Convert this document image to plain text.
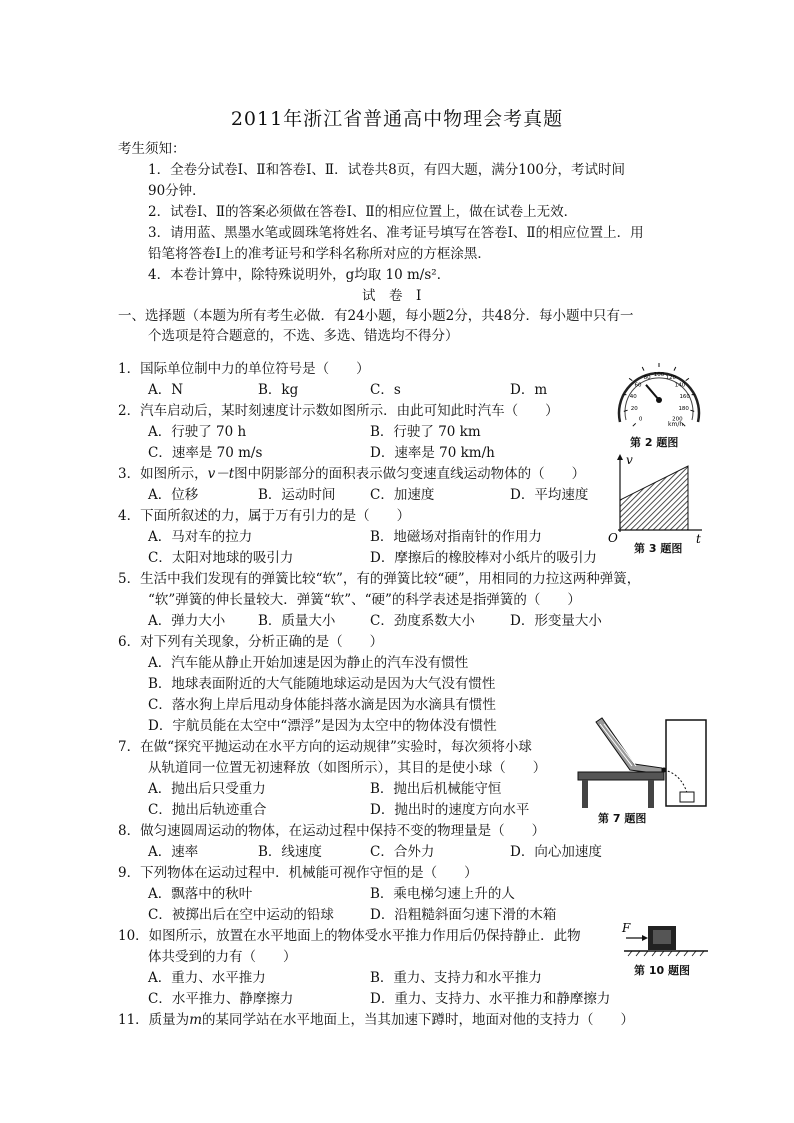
2011年浙江省普通高中物理会考真题
考生须知：
1．全卷分试卷Ⅰ、Ⅱ和答卷Ⅰ、Ⅱ．试卷共8页，有四大题，满分100分，考试时间
90分钟．
2．试卷Ⅰ、Ⅱ的答案必须做在答卷Ⅰ、Ⅱ的相应位置上，做在试卷上无效．
3．请用蓝、黑墨水笔或圆珠笔将姓名、准考证号填写在答卷Ⅰ、Ⅱ的相应位置上．用
铅笔将答卷Ⅰ上的准考证号和学科名称所对应的方框涂黑．
4．本卷计算中，除特殊说明外，g均取 10 m/s²．
试　卷　Ⅰ
一、选择题（本题为所有考生必做．有24小题，每小题2分，共48分．每小题中只有一
个选项是符合题意的，不选、多选、错选均不得分）
1．国际单位制中力的单位符号是（　　）
A．N	B．kg	C．s	D．m
2．汽车启动后，某时刻速度计示数如图所示．由此可知此时汽车（　　）
A．行驶了 70 h	B．行驶了 70 km
C．速率是 70 m/s	D．速率是 70 km/h
3．如图所示，v－t图中阴影部分的面积表示做匀变速直线运动物体的（　　）
A．位移	B．运动时间	C．加速度	D．平均速度
4．下面所叙述的力，属于万有引力的是（　　）
A．马对车的拉力	B．地磁场对指南针的作用力
C．太阳对地球的吸引力	D．摩擦后的橡胶棒对小纸片的吸引力
5．生活中我们发现有的弹簧比较“软”，有的弹簧比较“硬”，用相同的力拉这两种弹簧，
“软”弹簧的伸长量较大．弹簧“软”、“硬”的科学表述是指弹簧的（　　）
A．弹力大小 B．质量大小	C．劲度系数大小	D．形变量大小
6．对下列有关现象，分析正确的是（　　）
A．汽车能从静止开始加速是因为静止的汽车没有惯性
B．地球表面附近的大气能随地球运动是因为大气没有惯性
C．落水狗上岸后甩动身体能抖落水滴是因为水滴具有惯性
D．宇航员能在太空中“漂浮”是因为太空中的物体没有惯性
7．在做“探究平抛运动在水平方向的运动规律”实验时，每次须将小球
从轨道同一位置无初速释放（如图所示），其目的是使小球（　　）
A．抛出后只受重力	B．抛出后机械能守恒
C．抛出后轨迹重合	D．抛出时的速度方向水平
8．做匀速圆周运动的物体，在运动过程中保持不变的物理量是（　　）
A．速率	B．线速度	C．合外力	D．向心加速度
9．下列物体在运动过程中．机械能可视作守恒的是（　　）
A．飘落中的秋叶	B．乘电梯匀速上升的人
C．被掷出后在空中运动的铅球	D．沿粗糙斜面匀速下滑的木箱
10．如图所示，放置在水平地面上的物体受水平推力作用后仍保持静止．此物
体共受到的力有（　　）
A．重力、水平推力	B．重力、支持力和水平推力
C．水平推力、静摩擦力	D．重力、支持力、水平推力和静摩擦力
11．质量为m的某同学站在水平地面上，当其加速下蹲时，地面对他的支持力（　　）
0
20
40
60
80 100 120
140
160
180
200
km/h
第 2 题图
v
t
O
第 3 题图
第 7 题图
F
第 10 题图
